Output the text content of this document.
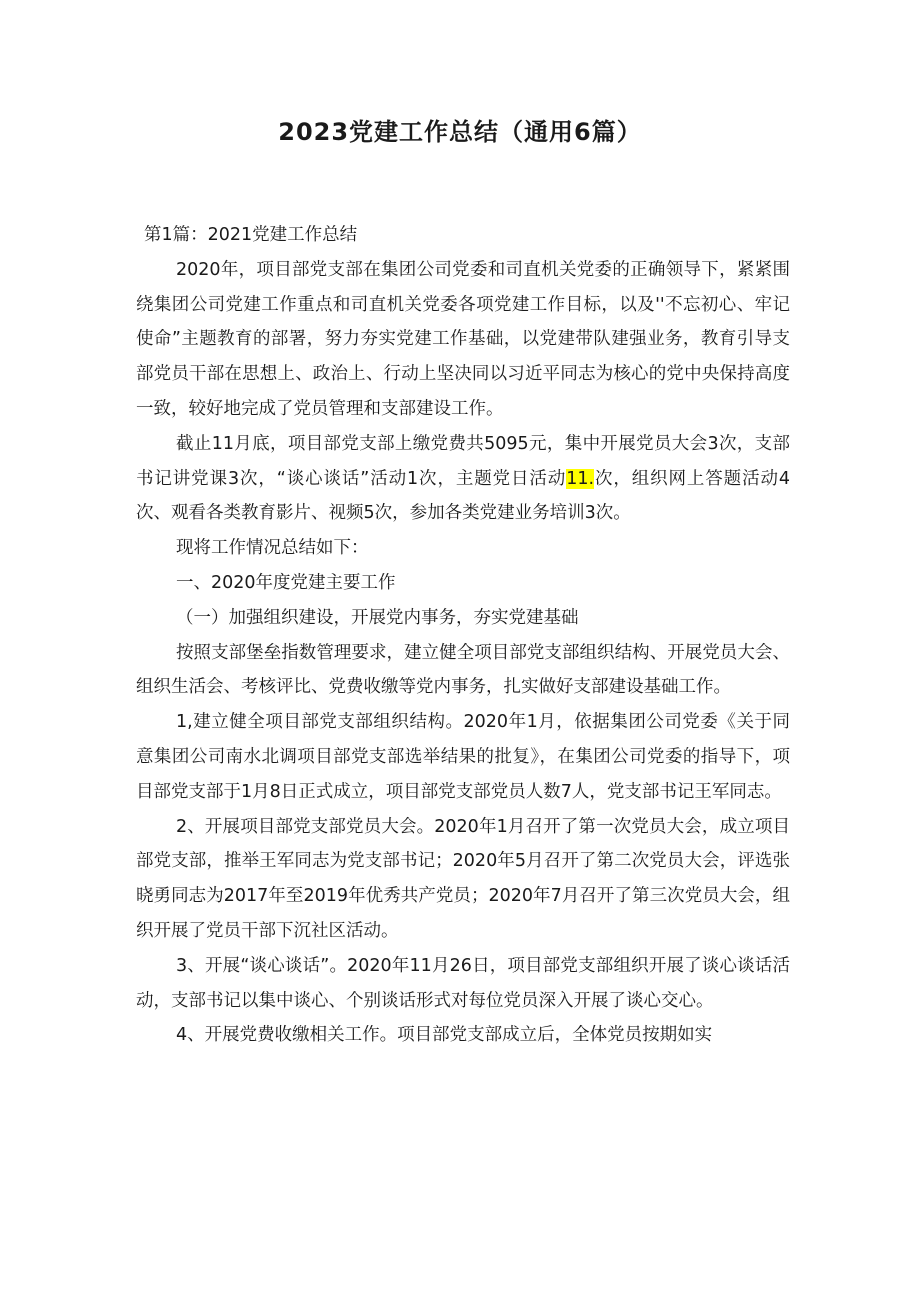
2023党建工作总结（通用6篇）

第1篇：2021党建工作总结

2020年，项目部党支部在集团公司党委和司直机关党委的正确领导下，紧紧围绕集团公司党建工作重点和司直机关党委各项党建工作目标，以及''不忘初心、牢记使命”主题教育的部署，努力夯实党建工作基础，以党建带队建强业务，教育引导支部党员干部在思想上、政治上、行动上坚决同以习近平同志为核心的党中央保持高度一致，较好地完成了党员管理和支部建设工作。

截止11月底，项目部党支部上缴党费共5095元，集中开展党员大会3次，支部书记讲党课3次，“谈心谈话”活动1次，主题党日活动11.次，组织网上答题活动4次、观看各类教育影片、视频5次，参加各类党建业务培训3次。

现将工作情况总结如下：

一、2020年度党建主要工作

（一）加强组织建设，开展党内事务，夯实党建基础

按照支部堡垒指数管理要求，建立健全项目部党支部组织结构、开展党员大会、组织生活会、考核评比、党费收缴等党内事务，扎实做好支部建设基础工作。

1,建立健全项目部党支部组织结构。2020年1月，依据集团公司党委《关于同意集团公司南水北调项目部党支部选举结果的批复》，在集团公司党委的指导下，项目部党支部于1月8日正式成立，项目部党支部党员人数7人，党支部书记王军同志。

2、开展项目部党支部党员大会。2020年1月召开了第一次党员大会，成立项目部党支部，推举王军同志为党支部书记；2020年5月召开了第二次党员大会，评选张晓勇同志为2017年至2019年优秀共产党员；2020年7月召开了第三次党员大会，组织开展了党员干部下沉社区活动。

3、开展“谈心谈话”。2020年11月26日，项目部党支部组织开展了谈心谈话活动，支部书记以集中谈心、个别谈话形式对每位党员深入开展了谈心交心。

4、开展党费收缴相关工作。项目部党支部成立后，全体党员按期如实
